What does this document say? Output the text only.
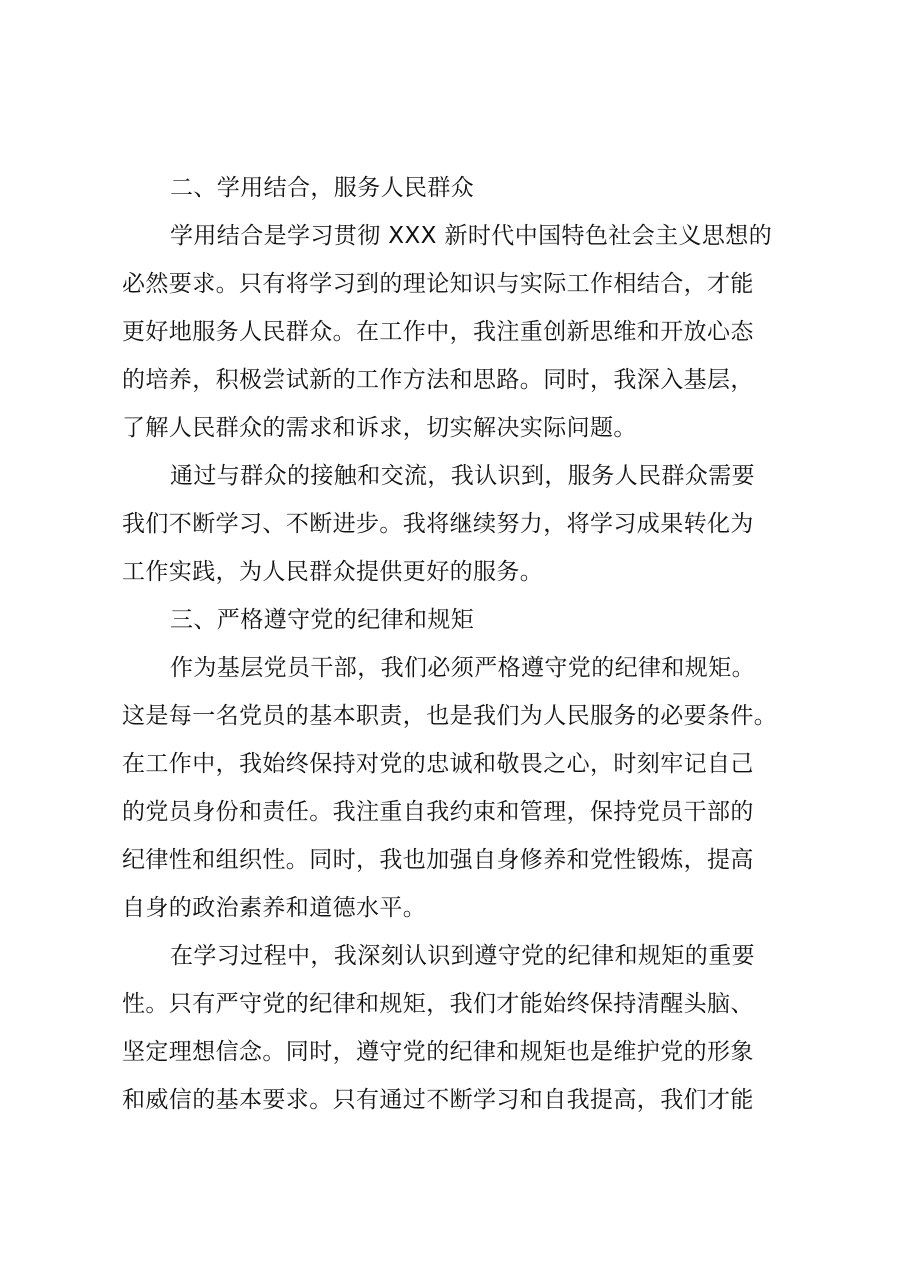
二、学用结合，服务人民群众
学用结合是学习贯彻 XXX 新时代中国特色社会主义思想的
必然要求。只有将学习到的理论知识与实际工作相结合，才能
更好地服务人民群众。在工作中，我注重创新思维和开放心态
的培养，积极尝试新的工作方法和思路。同时，我深入基层，
了解人民群众的需求和诉求，切实解决实际问题。
通过与群众的接触和交流，我认识到，服务人民群众需要
我们不断学习、不断进步。我将继续努力，将学习成果转化为
工作实践，为人民群众提供更好的服务。
三、严格遵守党的纪律和规矩
作为基层党员干部，我们必须严格遵守党的纪律和规矩。
这是每一名党员的基本职责，也是我们为人民服务的必要条件。
在工作中，我始终保持对党的忠诚和敬畏之心，时刻牢记自己
的党员身份和责任。我注重自我约束和管理，保持党员干部的
纪律性和组织性。同时，我也加强自身修养和党性锻炼，提高
自身的政治素养和道德水平。
在学习过程中，我深刻认识到遵守党的纪律和规矩的重要
性。只有严守党的纪律和规矩，我们才能始终保持清醒头脑、
坚定理想信念。同时，遵守党的纪律和规矩也是维护党的形象
和威信的基本要求。只有通过不断学习和自我提高，我们才能
